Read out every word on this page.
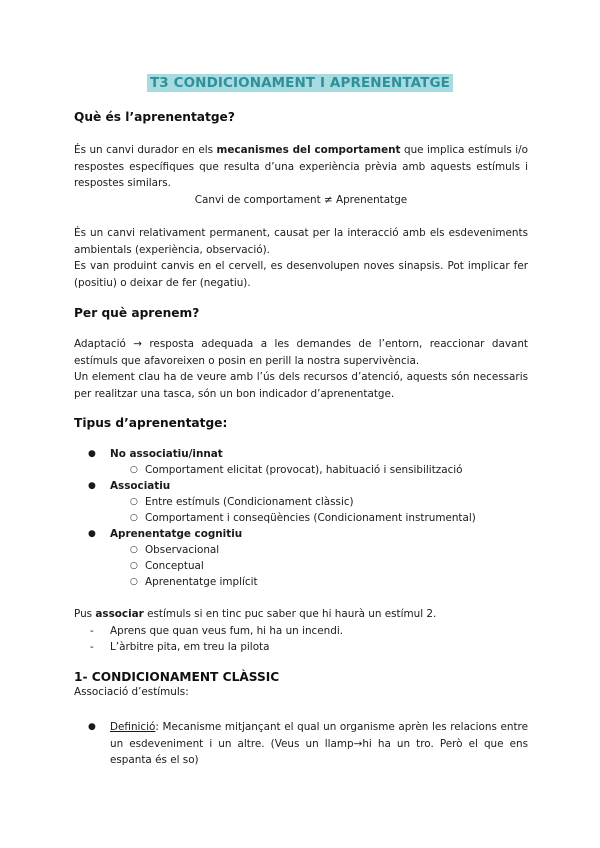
T3 CONDICIONAMENT I APRENENTATGE
Què és l’aprenentatge?

És un canvi durador en els mecanismes del comportament que implica estímuls i/o respostes específiques que resulta d’una experiència prèvia amb aquests estímuls i respostes similars.

Canvi de comportament ≠ Aprenentatge

És un canvi relativament permanent, causat per la interacció amb els esdeveniments ambientals (experiència, observació).

Es van produint canvis en el cervell, es desenvolupen noves sinapsis. Pot implicar fer (positiu) o deixar de fer (negatiu).

Per què aprenem?

Adaptació → resposta adequada a les demandes de l’entorn, reaccionar davant estímuls que afavoreixen o posin en perill la nostra supervivència.

Un element clau ha de veure amb l’ús dels recursos d’atenció, aquests són necessaris per realitzar una tasca, són un bon indicador d’aprenentatge.

Tipus d’aprenentatge:
● No associatiu/innat
○ Comportament elicitat (provocat), habituació i sensibilització
● Associatiu
○ Entre estímuls (Condicionament clàssic)
○ Comportament i conseqüències (Condicionament instrumental)
● Aprenentatge cognitiu
○ Observacional
○ Conceptual
○ Aprenentatge implícit

Pus associar estímuls si en tinc puc saber que hi haurà un estímul 2.

- Aprens que quan veus fum, hi ha un incendi.
- L’àrbitre pita, em treu la pilota
1- CONDICIONAMENT CLÀSSIC

Associació d’estímuls:

● Definició: Mecanisme mitjançant el qual un organisme aprèn les relacions entre un esdeveniment i un altre. (Veus un llamp→hi ha un tro. Però el que ens espanta és el so)
